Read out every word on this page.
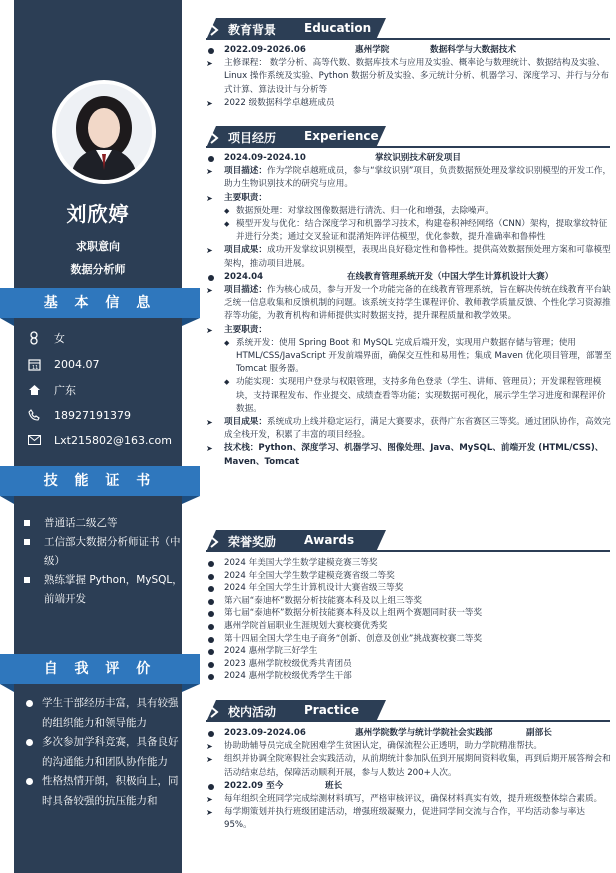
刘欣婷
求职意向
数据分析师
基 本 信 息
女
11 2004.07
广东
18927191379
Lxt215802@163.com
技 能 证 书
普通话二级乙等
工信部大数据分析师证书（中级）
熟练掌握 Python，MySQL，前端开发
自 我 评 价
学生干部经历丰富，具有较强的组织能力和领导能力
多次参加学科竞赛，具备良好的沟通能力和团队协作能力
性格热情开朗，积极向上，同时具备较强的抗压能力和
教育背景 Education
2022.09-2026.06	惠州学院	数据科学与大数据技术
➤ 主修课程： 数学分析、高等代数、数据库技术与应用及实验、概率论与数理统计、数据结构及实验、Linux 操作系统及实验、Python 数据分析及实验、多元统计分析、机器学习、深度学习、并行与分布式计算、算法设计与分析等
➤ 2022 级数据科学卓越班成员
项目经历 Experience
2024.09-2024.10	掌纹识别技术研发项目
➤ 项目描述：作为学院卓越班成员，参与“掌纹识别”项目，负责数据预处理及掌纹识别模型的开发工作，助力生物识别技术的研究与应用。
➤ 主要职责：
◆ 数据预处理：对掌纹图像数据进行清洗、归一化和增强，去除噪声。
◆ 模型开发与优化：结合深度学习和机器学习技术，构建卷积神经网络（CNN）架构，提取掌纹特征并进行分类；通过交叉验证和混淆矩阵评估模型，优化参数，提升准确率和鲁棒性
➤ 项目成果：成功开发掌纹识别模型，表现出良好稳定性和鲁棒性。提供高效数据预处理方案和可靠模型架构，推动项目进展。
2024.04	在线教育管理系统开发（中国大学生计算机设计大赛）
➤ 项目描述：作为核心成员，参与开发一个功能完备的在线教育管理系统，旨在解决传统在线教育平台缺乏统一信息收集和反馈机制的问题。该系统支持学生课程评价、教师教学质量反馈、个性化学习资源推荐等功能，为教育机构和讲师提供实时数据支持，提升课程质量和教学效果。
➤ 主要职责：
◆ 系统开发：使用 Spring Boot 和 MySQL 完成后端开发，实现用户数据存储与管理；使用 HTML/CSS/JavaScript 开发前端界面，确保交互性和易用性；集成 Maven 优化项目管理，部署至 Tomcat 服务器。
◆ 功能实现：实现用户登录与权限管理，支持多角色登录（学生、讲师、管理员）；开发课程管理模块，支持课程发布、作业提交、成绩查看等功能；实现数据可视化，展示学生学习进度和课程评价数据。
➤ 项目成果：系统成功上线并稳定运行，满足大赛要求，获得广东省赛区三等奖。通过团队协作，高效完成全栈开发，积累了丰富的项目经验。
➤ 技术栈：Python、深度学习、机器学习、图像处理、Java、MySQL、前端开发 (HTML/CSS)、Maven、Tomcat
荣誉奖励 Awards
2024 年美国大学生数学建模竞赛三等奖
2024 年全国大学生数学建模竞赛省级二等奖
2024 年全国大学生计算机设计大赛省级三等奖
第六届“泰迪杯”数据分析技能赛本科及以上组三等奖
第七届“泰迪杯”数据分析技能赛本科及以上组两个赛题同时获一等奖
惠州学院首届职业生涯规划大赛校赛优秀奖
第十四届全国大学生电子商务“创新、创意及创业”挑战赛校赛二等奖
2024 惠州学院三好学生
2023 惠州学院校级优秀共青团员
2024 惠州学院校级优秀学生干部
校内活动 Practice
2023.09-2024.06	惠州学院数学与统计学院社会实践部	副部长
➤ 协助助辅导员完成全院困难学生贫困认定，确保流程公正透明，助力学院精准帮扶。
➤ 组织并协调全院寒假社会实践活动，从前期统计参加队伍到开展期间资料收集，再到后期开展答辩会和活动结束总结，保障活动顺利开展，参与人数达 200+人次。
2022.09 至今	班长
➤ 每年组织全班同学完成综测材料填写，严格审核评议，确保材料真实有效，提升班级整体综合素质。
➤ 每学期策划并执行班级团建活动，增强班级凝聚力，促进同学间交流与合作，平均活动参与率达 95%。
